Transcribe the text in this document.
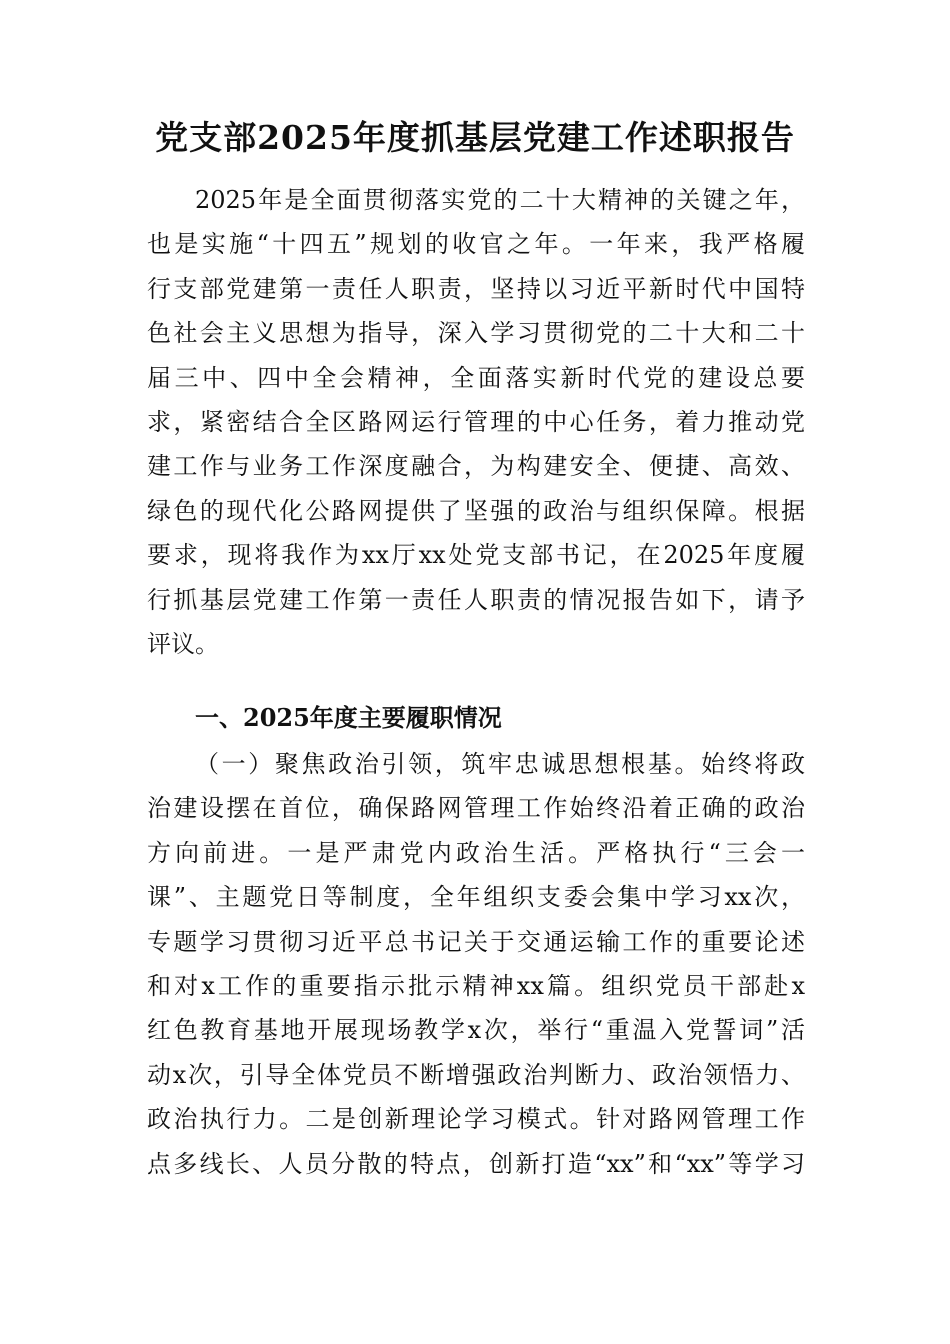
党支部2025年度抓基层党建工作述职报告
2025年是全面贯彻落实党的二十大精神的关键之年，
也是实施“十四五”规划的收官之年。一年来，我严格履
行支部党建第一责任人职责，坚持以习近平新时代中国特
色社会主义思想为指导，深入学习贯彻党的二十大和二十
届三中、四中全会精神，全面落实新时代党的建设总要
求，紧密结合全区路网运行管理的中心任务，着力推动党
建工作与业务工作深度融合，为构建安全、便捷、高效、
绿色的现代化公路网提供了坚强的政治与组织保障。根据
要求，现将我作为xx厅xx处党支部书记，在2025年度履
行抓基层党建工作第一责任人职责的情况报告如下，请予
评议。
一、2025年度主要履职情况
（一）聚焦政治引领，筑牢忠诚思想根基。始终将政
治建设摆在首位，确保路网管理工作始终沿着正确的政治
方向前进。一是严肃党内政治生活。严格执行“三会一
课”、主题党日等制度，全年组织支委会集中学习xx次，
专题学习贯彻习近平总书记关于交通运输工作的重要论述
和对x工作的重要指示批示精神xx篇。组织党员干部赴x
红色教育基地开展现场教学x次，举行“重温入党誓词”活
动x次，引导全体党员不断增强政治判断力、政治领悟力、
政治执行力。二是创新理论学习模式。针对路网管理工作
点多线长、人员分散的特点，创新打造“xx”和“xx”等学习
